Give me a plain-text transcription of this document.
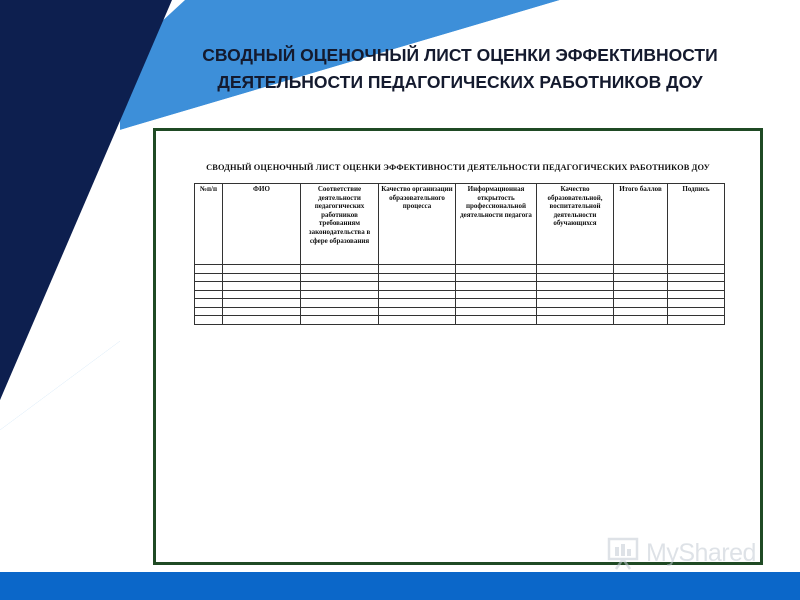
СВОДНЫЙ ОЦЕНОЧНЫЙ ЛИСТ ОЦЕНКИ ЭФФЕКТИВНОСТИ
ДЕЯТЕЛЬНОСТИ ПЕДАГОГИЧЕСКИХ РАБОТНИКОВ ДОУ
СВОДНЫЙ ОЦЕНОЧНЫЙ ЛИСТ ОЦЕНКИ ЭФФЕКТИВНОСТИ ДЕЯТЕЛЬНОСТИ ПЕДАГОГИЧЕСКИХ РАБОТНИКОВ ДОУ
№п/п	ФИО	Соответствие деятельности педагогических работников требованиям законодательства в сфере образования	Качество организации образовательного процесса	Информационная открытость профессиональной деятельности педагога	Качество образовательной, воспитательной деятельности обучающихся	Итого баллов	Подпись

MyShared
